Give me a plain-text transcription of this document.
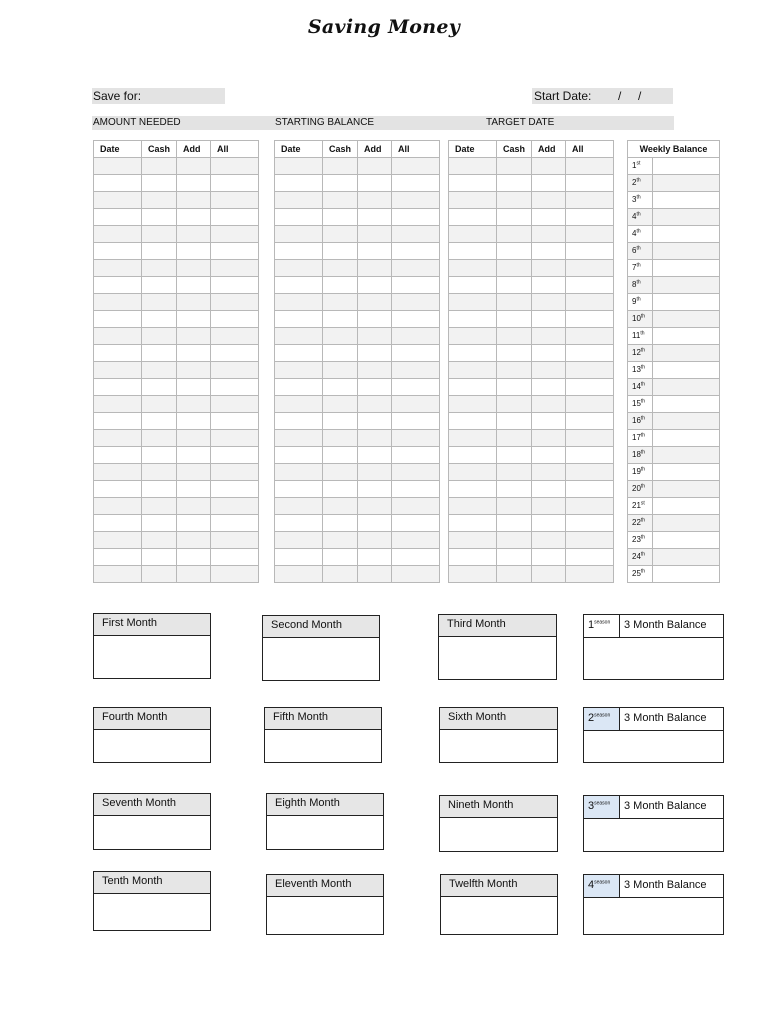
Saving Money
Save for:	Start Date: /     /
AMOUNT NEEDED	STARTING BALANCE	TARGET DATE
Date	Cash	Add	All

				Date	Cash	Add	All

				Date	Cash	Add	All

				Weekly Balance	
1st	
2th	
3th	
4th	
4th	
6th	
7th	
8th	
9th	
10th	
11th	
12th	
13th	
14th	
15th	
16th	
17th	
18th	
19th	
20th	
21st	
22th	
23th	
24th	
25th	
First Month	Second Month	Third Month
Fourth Month	Fifth Month	Sixth Month
Seventh Month	Eighth Month	Nineth Month
Tenth Month	Eleventh Month	Twelfth Month
$1^{season}$	3 Month Balance
$2^{season}$	3 Month Balance
$3^{season}$	3 Month Balance
$4^{season}$	3 Month Balance
